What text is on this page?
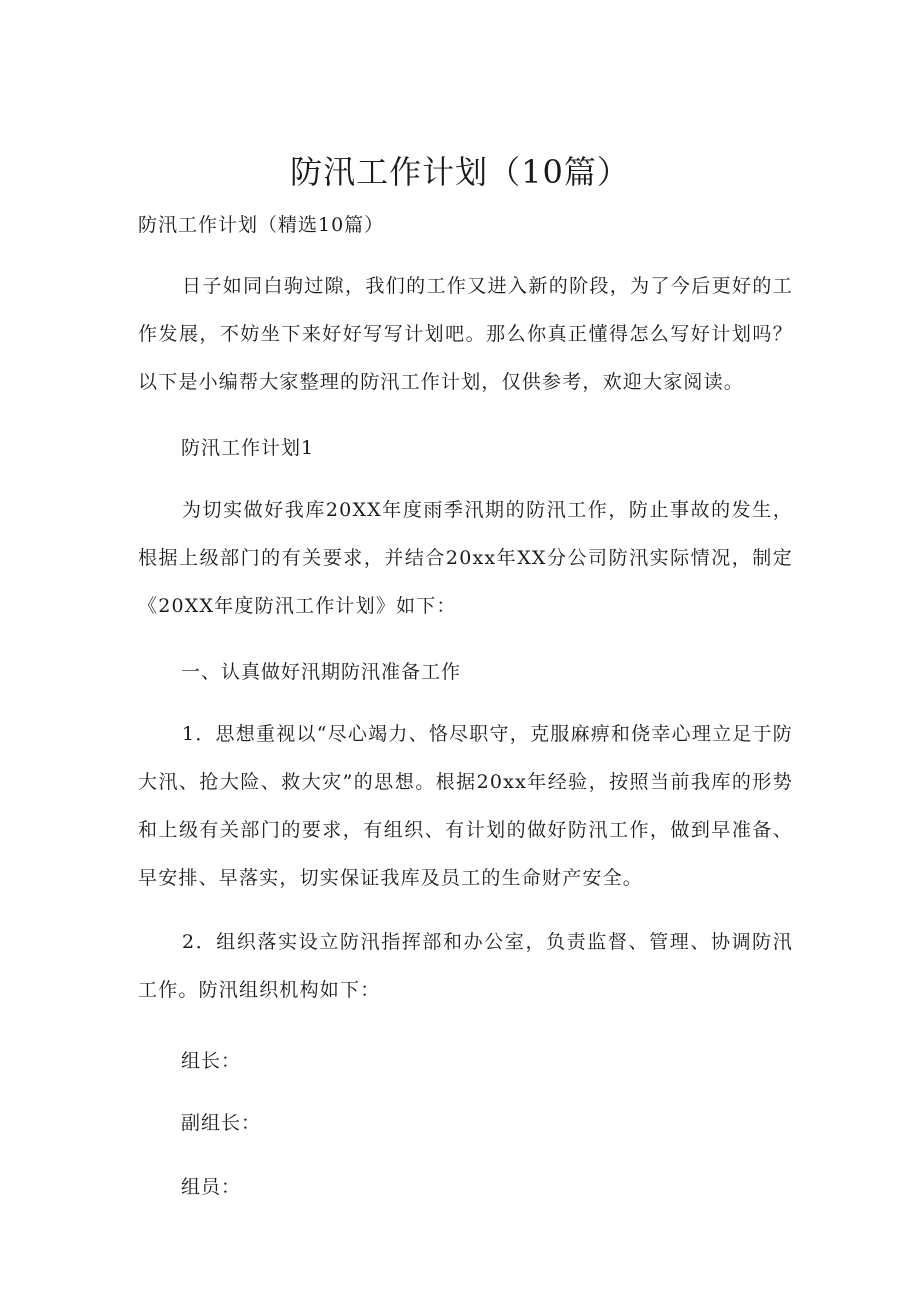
防汛工作计划（10篇）

防汛工作计划（精选10篇）

日子如同白驹过隙，我们的工作又进入新的阶段，为了今后更好的工作发展，不妨坐下来好好写写计划吧。那么你真正懂得怎么写好计划吗？以下是小编帮大家整理的防汛工作计划，仅供参考，欢迎大家阅读。

防汛工作计划1

为切实做好我库20XX年度雨季汛期的防汛工作，防止事故的发生，根据上级部门的有关要求，并结合20xx年XX分公司防汛实际情况，制定《20XX年度防汛工作计划》如下：

一、认真做好汛期防汛准备工作

1．思想重视以“尽心竭力、恪尽职守，克服麻痹和侥幸心理立足于防大汛、抢大险、救大灾”的思想。根据20xx年经验，按照当前我库的形势和上级有关部门的要求，有组织、有计划的做好防汛工作，做到早准备、早安排、早落实，切实保证我库及员工的生命财产安全。

2．组织落实设立防汛指挥部和办公室，负责监督、管理、协调防汛工作。防汛组织机构如下：

组长：

副组长：

组员：
